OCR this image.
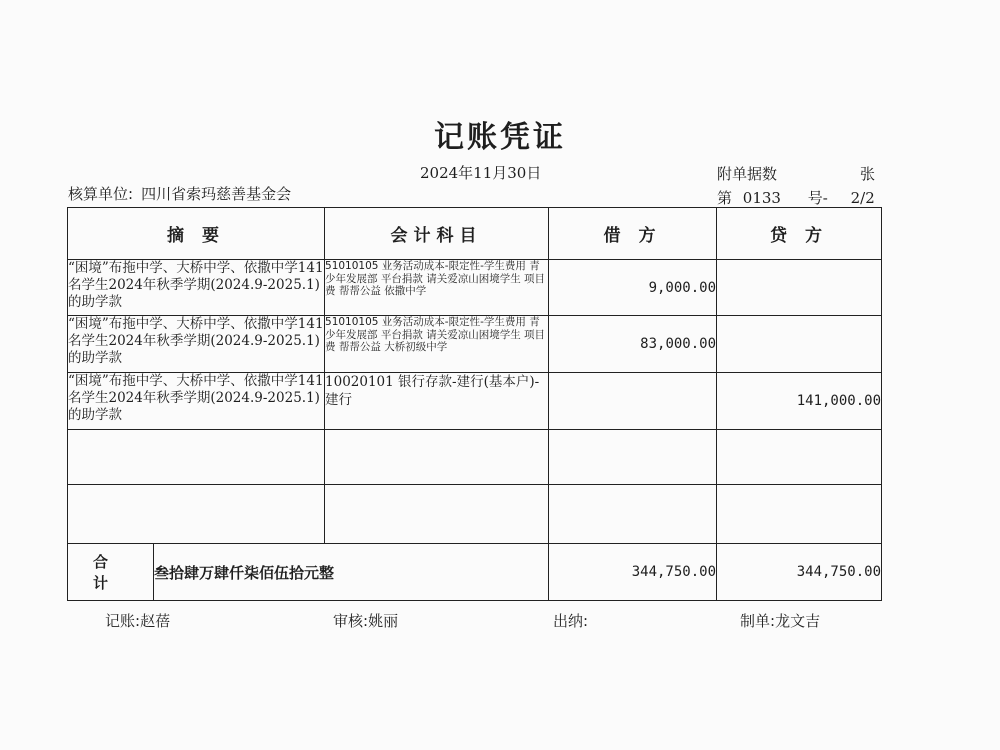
记账凭证
2024年11月30日	附单据数	张
核算单位: 四川省索玛慈善基金会	第 0133 号- 2/2
摘 要		会计科目	借 方	贷 方
“困境”布拖中学、大桥中学、依撒中学141名学生2024年秋季学期(2024.9-2025.1)的助学款		51010105 业务活动成本-限定性-学生费用 青少年发展部 平台捐款 请关爱凉山困境学生 项目费 帮帮公益 依撒中学	9,000.00	
“困境”布拖中学、大桥中学、依撒中学141名学生2024年秋季学期(2024.9-2025.1)的助学款		51010105 业务活动成本-限定性-学生费用 青少年发展部 平台捐款 请关爱凉山困境学生 项目费 帮帮公益 大桥初级中学	83,000.00	
“困境”布拖中学、大桥中学、依撒中学141名学生2024年秋季学期(2024.9-2025.1)的助学款		10020101 银行存款-建行(基本户)-建行		141,000.00

合 计	叁拾肆万肆仟柒佰伍拾元整		344,750.00	344,750.00
记账:赵蓓	审核:姚丽	出纳:	制单:龙文吉
